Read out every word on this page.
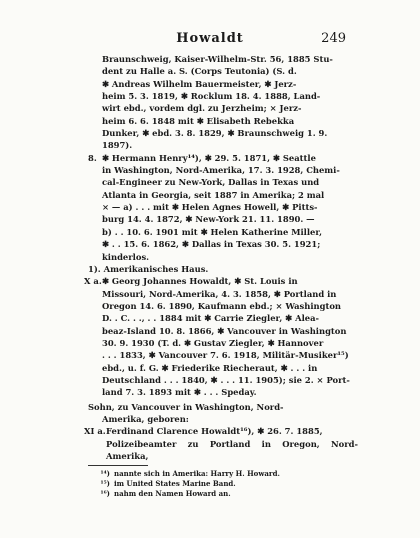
Howaldt	249

Braunschweig, Kaiser-Wilhelm-Str. 56, 1885 Stu-

dent zu Halle a. S. (Corps Teutonia) (S. d.

✱ Andreas Wilhelm Bauermeister, ✱ Jerz-

heim 5. 3. 1819, ✱ Rocklum 18. 4. 1888, Land-

wirt ebd., vordem dgl. zu Jerzheim; ⨯ Jerz-

heim 6. 6. 1848 mit ✱ Elisabeth Rebekka

Dunker, ✱ ebd. 3. 8. 1829, ✱ Braunschweig 1. 9.

1897).

8. ✱ Hermann Henry¹⁴), ✱ 29. 5. 1871, ✱ Seattle

in Washington, Nord-Amerika, 17. 3. 1928, Chemi-

cal-Engineer zu New-York, Dallas in Texas und

Atlanta in Georgia, seit 1887 in Amerika; 2 mal

⨯ — a) . . . mit ✱ Helen Agnes Howell, ✱ Pitts-

burg 14. 4. 1872, ✱ New-York 21. 11. 1890. —

b) . . 10. 6. 1901 mit ✱ Helen Katherine Miller,

✱ . . 15. 6. 1862, ✱ Dallas in Texas 30. 5. 1921;

kinderlos.

1). Amerikanisches Haus.

X a. ✱ Georg Johannes Howaldt, ✱ St. Louis in

Missouri, Nord-Amerika, 4. 3. 1858, ✱ Portland in

Oregon 14. 6. 1890, Kaufmann ebd.; ⨯ Washington

D. . C. . ., . . 1884 mit ✱ Carrie Ziegler, ✱ Alea-

beaz-Island 10. 8. 1866, ✱ Vancouver in Washington

30. 9. 1930 (T. d. ✱ Gustav Ziegler, ✱ Hannover

. . . 1833, ✱ Vancouver 7. 6. 1918, Militär-Musiker¹⁵)

ebd., u. f. G. ✱ Friederike Riecheraut, ✱ . . . in

Deutschland . . . 1840, ✱ . . . 11. 1905); sie 2. ⨯ Port-

land 7. 3. 1893 mit ✱ . . . Speday.

Sohn, zu Vancouver in Washington, Nord-

Amerika, geboren:

XI a. Ferdinand Clarence Howaldt¹⁶), ✱ 26. 7. 1885,

Polizeibeamter zu Portland in Oregon, Nord-Amerika,

¹⁴) nannte sich in Amerika: Harry H. Howard.
¹⁵) im United States Marine Band.
¹⁶) nahm den Namen Howard an.
